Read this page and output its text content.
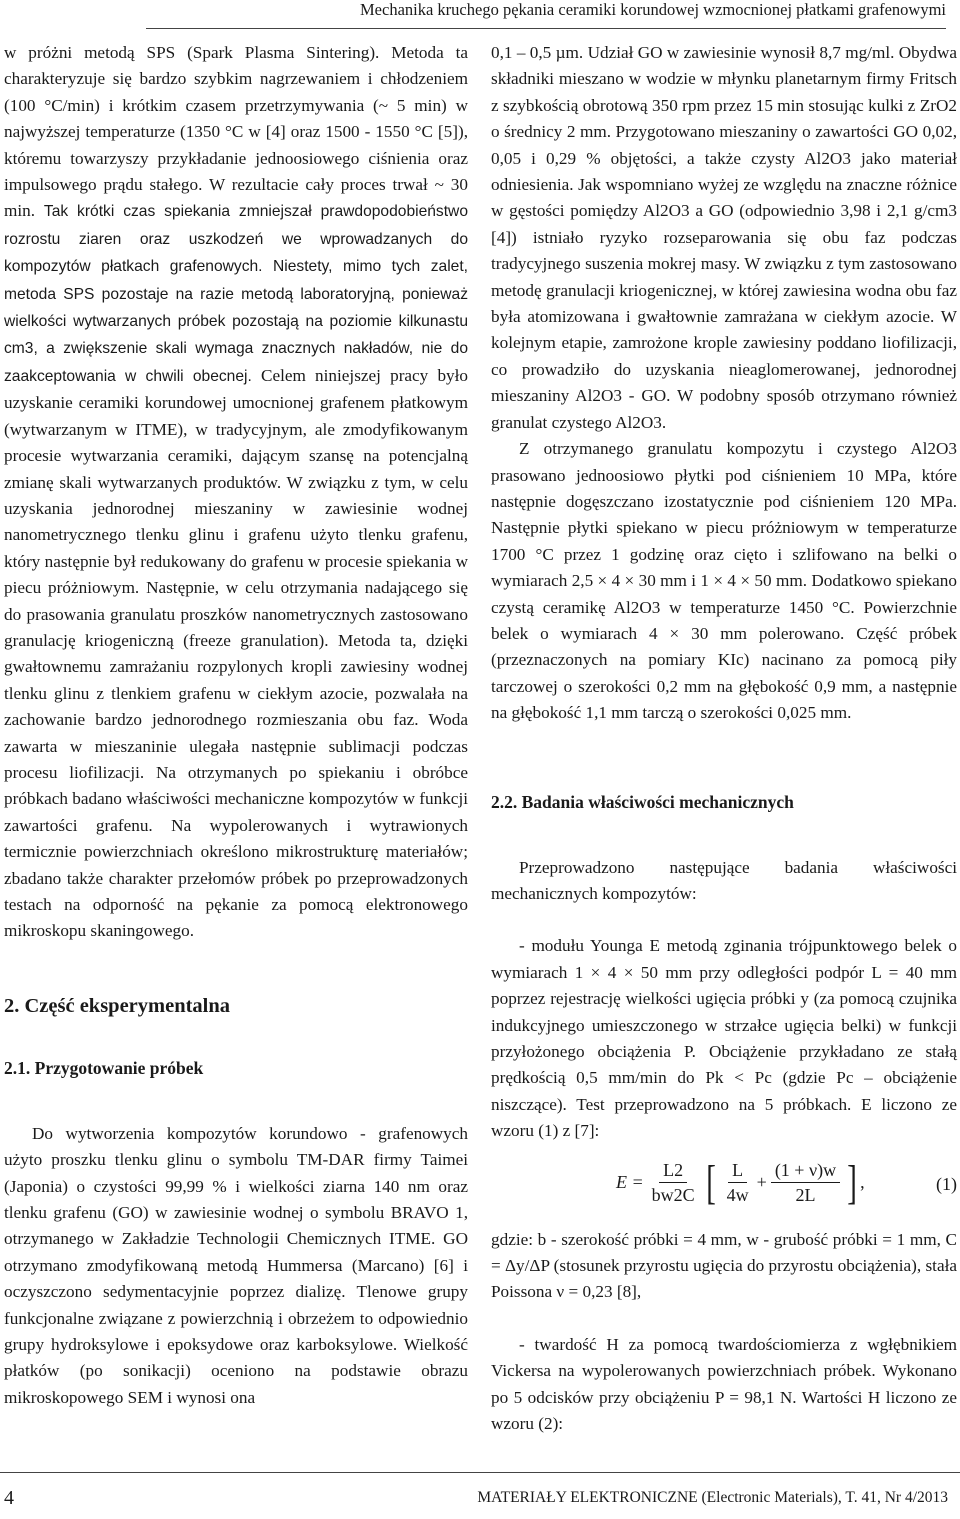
Mechanika kruchego pękania ceramiki korundowej wzmocnionej płatkami grafenowymi

w próżni metodą SPS (Spark Plasma Sintering). Metoda ta charakteryzuje się bardzo szybkim nagrzewaniem i chłodzeniem (100 °C/min) i krótkim czasem przetrzymywania (~ 5 min) w najwyższej temperaturze (1350 °C w [4] oraz 1500 - 1550 °C [5]), któremu towarzyszy przykładanie jednoosiowego ciśnienia oraz impulsowego prądu stałego. W rezultacie cały proces trwał ~ 30 min. Tak krótki czas spiekania zmniejszał prawdopodobieństwo rozrostu ziaren oraz uszkodzeń we wprowadzanych do kompozytów płatkach grafenowych. Niestety, mimo tych zalet, metoda SPS pozostaje na razie metodą laboratoryjną, ponieważ wielkości wytwarzanych próbek pozostają na poziomie kilkunastu cm3, a zwiększenie skali wymaga znacznych nakładów, nie do zaakceptowania w chwili obecnej. Celem niniejszej pracy było uzyskanie ceramiki korundowej umocnionej grafenem płatkowym (wytwarzanym w ITME), w tradycyjnym, ale zmodyfikowanym procesie wytwarzania ceramiki, dającym szansę na potencjalną zmianę skali wytwarzanych produktów. W związku z tym, w celu uzyskania jednorodnej mieszaniny w zawiesinie wodnej nanometrycznego tlenku glinu i grafenu użyto tlenku grafenu, który następnie był redukowany do grafenu w procesie spiekania w piecu próżniowym. Następnie, w celu otrzymania nadającego się do prasowania granulatu proszków nanometrycznych zastosowano granulację kriogeniczną (freeze granulation). Metoda ta, dzięki gwałtownemu zamrażaniu rozpylonych kropli zawiesiny wodnej tlenku glinu z tlenkiem grafenu w ciekłym azocie, pozwalała na zachowanie bardzo jednorodnego rozmieszania obu faz. Woda zawarta w mieszaninie ulegała następnie sublimacji podczas procesu liofilizacji. Na otrzymanych po spiekaniu i obróbce próbkach badano właściwości mechaniczne kompozytów w funkcji zawartości grafenu. Na wypolerowanych i wytrawionych termicznie powierzchniach określono mikrostrukturę materiałów; zbadano także charakter przełomów próbek po przeprowadzonych testach na odporność na pękanie za pomocą elektronowego mikroskopu skaningowego.

2. Część eksperymentalna
2.1. Przygotowanie próbek

Do wytworzenia kompozytów korundowo - grafenowych użyto proszku tlenku glinu o symbolu TM-DAR firmy Taimei (Japonia) o czystości 99,99 % i wielkości ziarna 140 nm oraz tlenku grafenu (GO) w zawiesinie wodnej o symbolu BRAVO 1, otrzymanego w Zakładzie Technologii Chemicznych ITME. GO otrzymano zmodyfikowaną metodą Hummersa (Marcano) [6] i oczyszczono sedymentacyjnie poprzez dializę. Tlenowe grupy funkcjonalne związane z powierzchnią i obrzeżem to odpowiednio grupy hydroksylowe i epoksydowe oraz karboksylowe. Wielkość płatków (po sonikacji) oceniono na podstawie obrazu mikroskopowego SEM i wynosi ona

0,1 – 0,5 µm. Udział GO w zawiesinie wynosił 8,7 mg/ml. Obydwa składniki mieszano w wodzie w młynku planetarnym firmy Fritsch z szybkością obrotową 350 rpm przez 15 min stosując kulki z ZrO2 o średnicy 2 mm. Przygotowano mieszaniny o zawartości GO 0,02, 0,05 i 0,29 % objętości, a także czysty Al2O3 jako materiał odniesienia. Jak wspomniano wyżej ze względu na znaczne różnice w gęstości pomiędzy Al2O3 a GO (odpowiednio 3,98 i 2,1 g/cm3 [4]) istniało ryzyko rozseparowania się obu faz podczas tradycyjnego suszenia mokrej masy. W związku z tym zastosowano metodę granulacji kriogenicznej, w której zawiesina wodna obu faz była atomizowana i gwałtownie zamrażana w ciekłym azocie. W kolejnym etapie, zamrożone krople zawiesiny poddano liofilizacji, co prowadziło do uzyskania nieaglomerowanej, jednorodnej mieszaniny Al2O3 - GO. W podobny sposób otrzymano również granulat czystego Al2O3.

Z otrzymanego granulatu kompozytu i czystego Al2O3 prasowano jednoosiowo płytki pod ciśnieniem 10 MPa, które następnie dogęszczano izostatycznie pod ciśnieniem 120 MPa. Następnie płytki spiekano w piecu próżniowym w temperaturze 1700 °C przez 1 godzinę oraz cięto i szlifowano na belki o wymiarach 2,5 × 4 × 30 mm i 1 × 4 × 50 mm. Dodatkowo spiekano czystą ceramikę Al2O3 w temperaturze 1450 °C. Powierzchnie belek o wymiarach 4 × 30 mm polerowano. Część próbek (przeznaczonych na pomiary KIc) nacinano za pomocą piły tarczowej o szerokości 0,2 mm na głębokość 0,9 mm, a następnie na głębokość 1,1 mm tarczą o szerokości 0,025 mm.

2.2. Badania właściwości mechanicznych

Przeprowadzono następujące badania właściwości mechanicznych kompozytów:

- modułu Younga E metodą zginania trójpunktowego belek o wymiarach 1 × 4 × 50 mm przy odległości podpór L = 40 mm poprzez rejestrację wielkości ugięcia próbki y (za pomocą czujnika indukcyjnego umieszczonego w strzałce ugięcia belki) w funkcji przyłożonego obciążenia P. Obciążenie przykładano ze stałą prędkością 0,5 mm/min do Pk < Pc (gdzie Pc – obciążenie niszczące). Test przeprowadzono na 5 próbkach. E liczono ze wzoru (1) z [7]:

$E = \frac{L2}{bw2C}$ [ $\frac{L}{4w} + \frac{(1 + \nu)w}{2L}$ ] ,	(1)

gdzie: b - szerokość próbki = 4 mm, w - grubość próbki = 1 mm, C = Δy/ΔP (stosunek przyrostu ugięcia do przyrostu obciążenia), stała Poissona ν = 0,23 [8],

- twardość H za pomocą twardościomierza z wgłębnikiem Vickersa na wypolerowanych powierzchniach próbek. Wykonano po 5 odcisków przy obciążeniu P = 98,1 N. Wartości H liczono ze wzoru (2):

4	MATERIAŁY ELEKTRONICZNE (Electronic Materials), T. 41, Nr 4/2013
